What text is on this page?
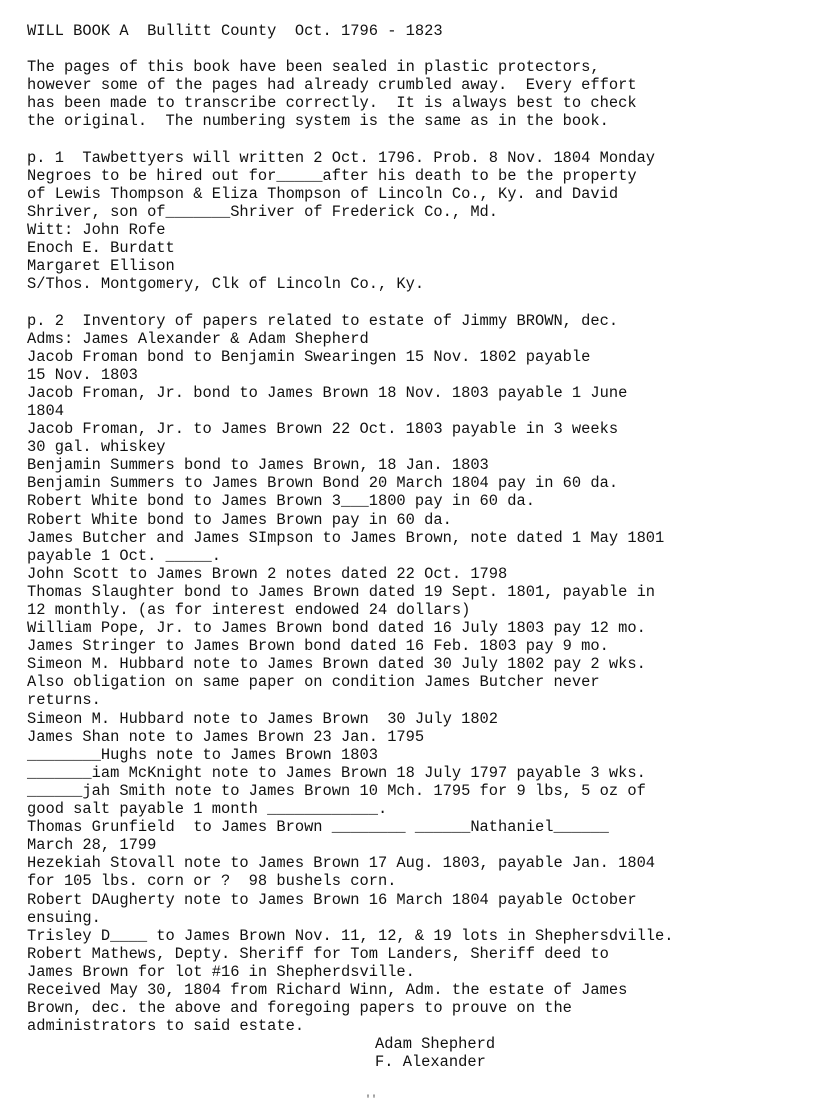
WILL BOOK A  Bullitt County  Oct. 1796 - 1823
The pages of this book have been sealed in plastic protectors,
however some of the pages had already crumbled away.  Every effort
has been made to transcribe correctly.  It is always best to check
the original.  The numbering system is the same as in the book.
p. 1  Tawbettyers will written 2 Oct. 1796. Prob. 8 Nov. 1804 Monday
Negroes to be hired out for_____after his death to be the property
of Lewis Thompson & Eliza Thompson of Lincoln Co., Ky. and David
Shriver, son of_______Shriver of Frederick Co., Md.
Witt: John Rofe
Enoch E. Burdatt
Margaret Ellison
S/Thos. Montgomery, Clk of Lincoln Co., Ky.
p. 2  Inventory of papers related to estate of Jimmy BROWN, dec.
Adms: James Alexander & Adam Shepherd
Jacob Froman bond to Benjamin Swearingen 15 Nov. 1802 payable
15 Nov. 1803
Jacob Froman, Jr. bond to James Brown 18 Nov. 1803 payable 1 June
1804
Jacob Froman, Jr. to James Brown 22 Oct. 1803 payable in 3 weeks
30 gal. whiskey
Benjamin Summers bond to James Brown, 18 Jan. 1803
Benjamin Summers to James Brown Bond 20 March 1804 pay in 60 da.
Robert White bond to James Brown 3___1800 pay in 60 da.
Robert White bond to James Brown pay in 60 da.
James Butcher and James SImpson to James Brown, note dated 1 May 1801
payable 1 Oct. _____.
John Scott to James Brown 2 notes dated 22 Oct. 1798
Thomas Slaughter bond to James Brown dated 19 Sept. 1801, payable in
12 monthly. (as for interest endowed 24 dollars)
William Pope, Jr. to James Brown bond dated 16 July 1803 pay 12 mo.
James Stringer to James Brown bond dated 16 Feb. 1803 pay 9 mo.
Simeon M. Hubbard note to James Brown dated 30 July 1802 pay 2 wks.
Also obligation on same paper on condition James Butcher never
returns.
Simeon M. Hubbard note to James Brown  30 July 1802
James Shan note to James Brown 23 Jan. 1795
________Hughs note to James Brown 1803
_______iam McKnight note to James Brown 18 July 1797 payable 3 wks.
______jah Smith note to James Brown 10 Mch. 1795 for 9 lbs, 5 oz of
good salt payable 1 month ____________.
Thomas Grunfield  to James Brown ________ ______Nathaniel______
March 28, 1799
Hezekiah Stovall note to James Brown 17 Aug. 1803, payable Jan. 1804
for 105 lbs. corn or ?  98 bushels corn.
Robert DAugherty note to James Brown 16 March 1804 payable October
ensuing.
Trisley D____ to James Brown Nov. 11, 12, & 19 lots in Shephersdville.
Robert Mathews, Depty. Sheriff for Tom Landers, Sheriff deed to
James Brown for lot #16 in Shepherdsville.
Received May 30, 1804 from Richard Winn, Adm. the estate of James
Brown, dec. the above and foregoing papers to prouve on the
administrators to said estate.
Adam Shepherd
F. Alexander
''
